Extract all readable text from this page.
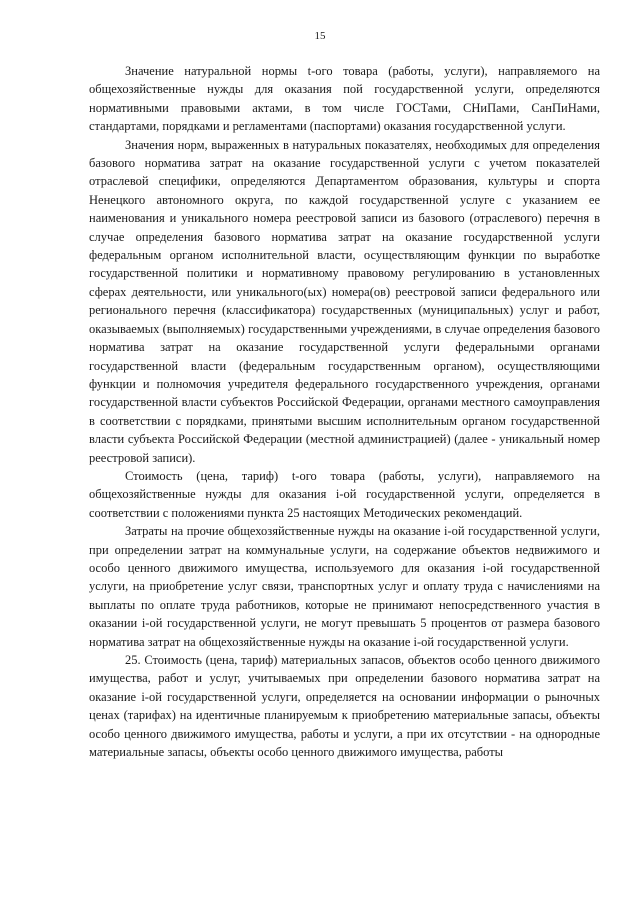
15

Значение натуральной нормы t-ого товара (работы, услуги), направляемого на общехозяйственные нужды для оказания пой государственной услуги, определяются нормативными правовыми актами, в том числе ГОСТами, СНиПами, СанПиНами, стандартами, порядками и регламентами (паспортами) оказания государственной услуги.

Значения норм, выраженных в натуральных показателях, необходимых для определения базового норматива затрат на оказание государственной услуги с учетом показателей отраслевой специфики, определяются Департаментом образования, культуры и спорта Ненецкого автономного округа, по каждой государственной услуге с указанием ее наименования и уникального номера реестровой записи из базового (отраслевого) перечня в случае определения базового норматива затрат на оказание государственной услуги федеральным органом исполнительной власти, осуществляющим функции по выработке государственной политики и нормативному правовому регулированию в установленных сферах деятельности, или уникального(ых) номера(ов) реестровой записи федерального или регионального перечня (классификатора) государственных (муниципальных) услуг и работ, оказываемых (выполняемых) государственными учреждениями, в случае определения базового норматива затрат на оказание государственной услуги федеральными органами государственной власти (федеральным государственным органом), осуществляющими функции и полномочия учредителя федерального государственного учреждения, органами государственной власти субъектов Российской Федерации, органами местного самоуправления в соответствии с порядками, принятыми высшим исполнительным органом государственной власти субъекта Российской Федерации (местной администрацией) (далее - уникальный номер реестровой записи).

Стоимость (цена, тариф) t-ого товара (работы, услуги), направляемого на общехозяйственные нужды для оказания i-ой государственной услуги, определяется в соответствии с положениями пункта 25 настоящих Методических рекомендаций.

Затраты на прочие общехозяйственные нужды на оказание i-ой государственной услуги, при определении затрат на коммунальные услуги, на содержание объектов недвижимого и особо ценного движимого имущества, используемого для оказания i-ой государственной услуги, на приобретение услуг связи, транспортных услуг и оплату труда с начислениями на выплаты по оплате труда работников, которые не принимают непосредственного участия в оказании i-ой государственной услуги, не могут превышать 5 процентов от размера базового норматива затрат на общехозяйственные нужды на оказание i-ой государственной услуги.

25. Стоимость (цена, тариф) материальных запасов, объектов особо ценного движимого имущества, работ и услуг, учитываемых при определении базового норматива затрат на оказание i-ой государственной услуги, определяется на основании информации о рыночных ценах (тарифах) на идентичные планируемым к приобретению материальные запасы, объекты особо ценного движимого имущества, работы и услуги, а при их отсутствии - на однородные материальные запасы, объекты особо ценного движимого имущества, работы
